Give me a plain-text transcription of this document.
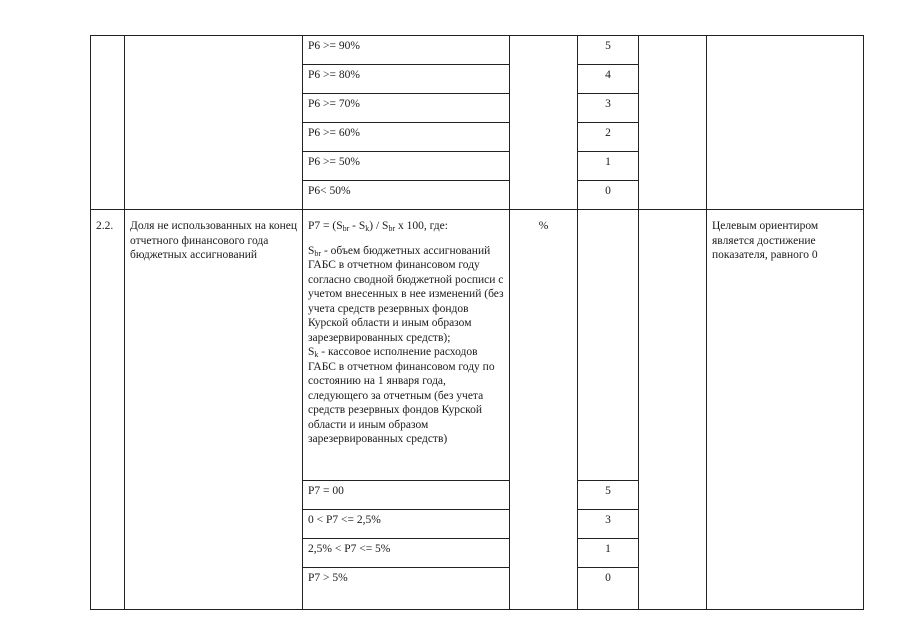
		Р6 >= 90%		5		
		Р6 >= 80%		4		
		Р6 >= 70%		3		
		Р6 >= 60%		2		
		Р6 >= 50%		1		
		Р6< 50%		0		
2.2.	Доля не использованных на конец отчетного финансового года бюджетных ассигнований	$Р7 = (S_{br} - S_k) / S_{br}$ x 100, где:
$S_{br}$ - объем бюджетных ассигнований ГАБС в отчетном финансовом году согласно сводной бюджетной росписи с учетом внесенных в нее изменений (без учета средств резервных фондов Курской области и иным образом зарезервированных средств);
$S_k$ - кассовое исполнение расходов ГАБС в отчетном финансовом году по состоянию на 1 января года, следующего за отчетным (без учета средств резервных фондов Курской области и иным образом зарезервированных средств)	%			Целевым ориентиром является достижение показателя, равного 0
		Р7 = 00		5		
		0 < Р7 <= 2,5%		3		
		2,5% < Р7 <= 5%		1		
		Р7 > 5%		0		
